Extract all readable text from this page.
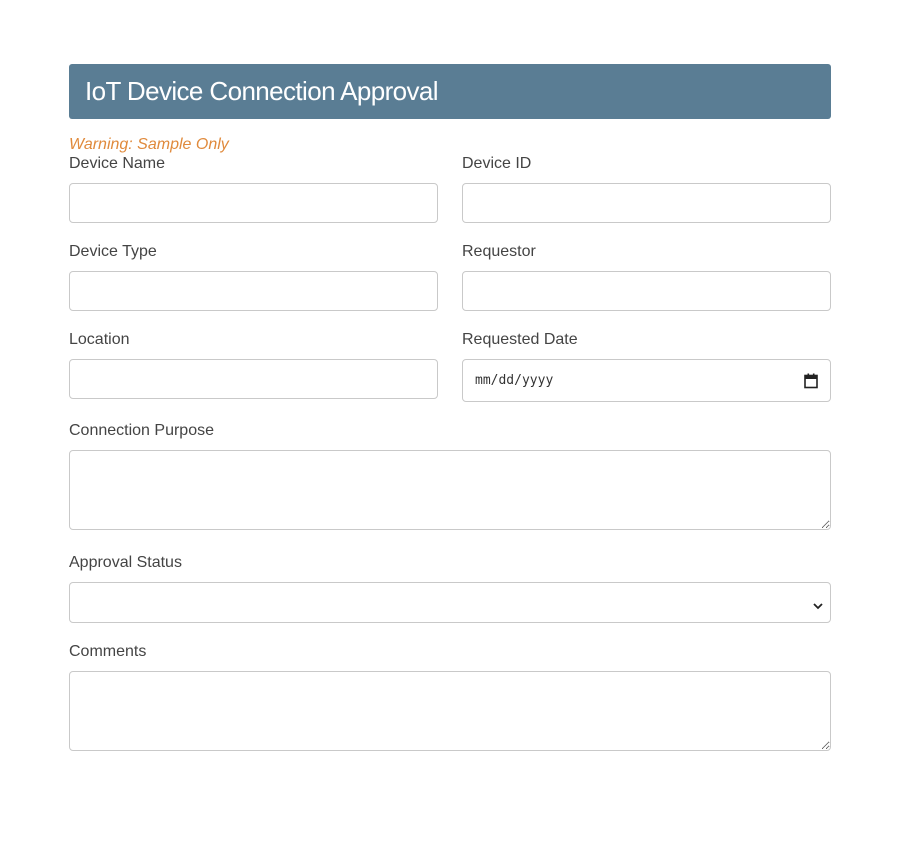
IoT Device Connection Approval
Warning: Sample Only
Device Name	Device ID
Device Type	Requestor
Location	Requested Date
mm/dd/yyyy
Connection Purpose
Approval Status
Comments
